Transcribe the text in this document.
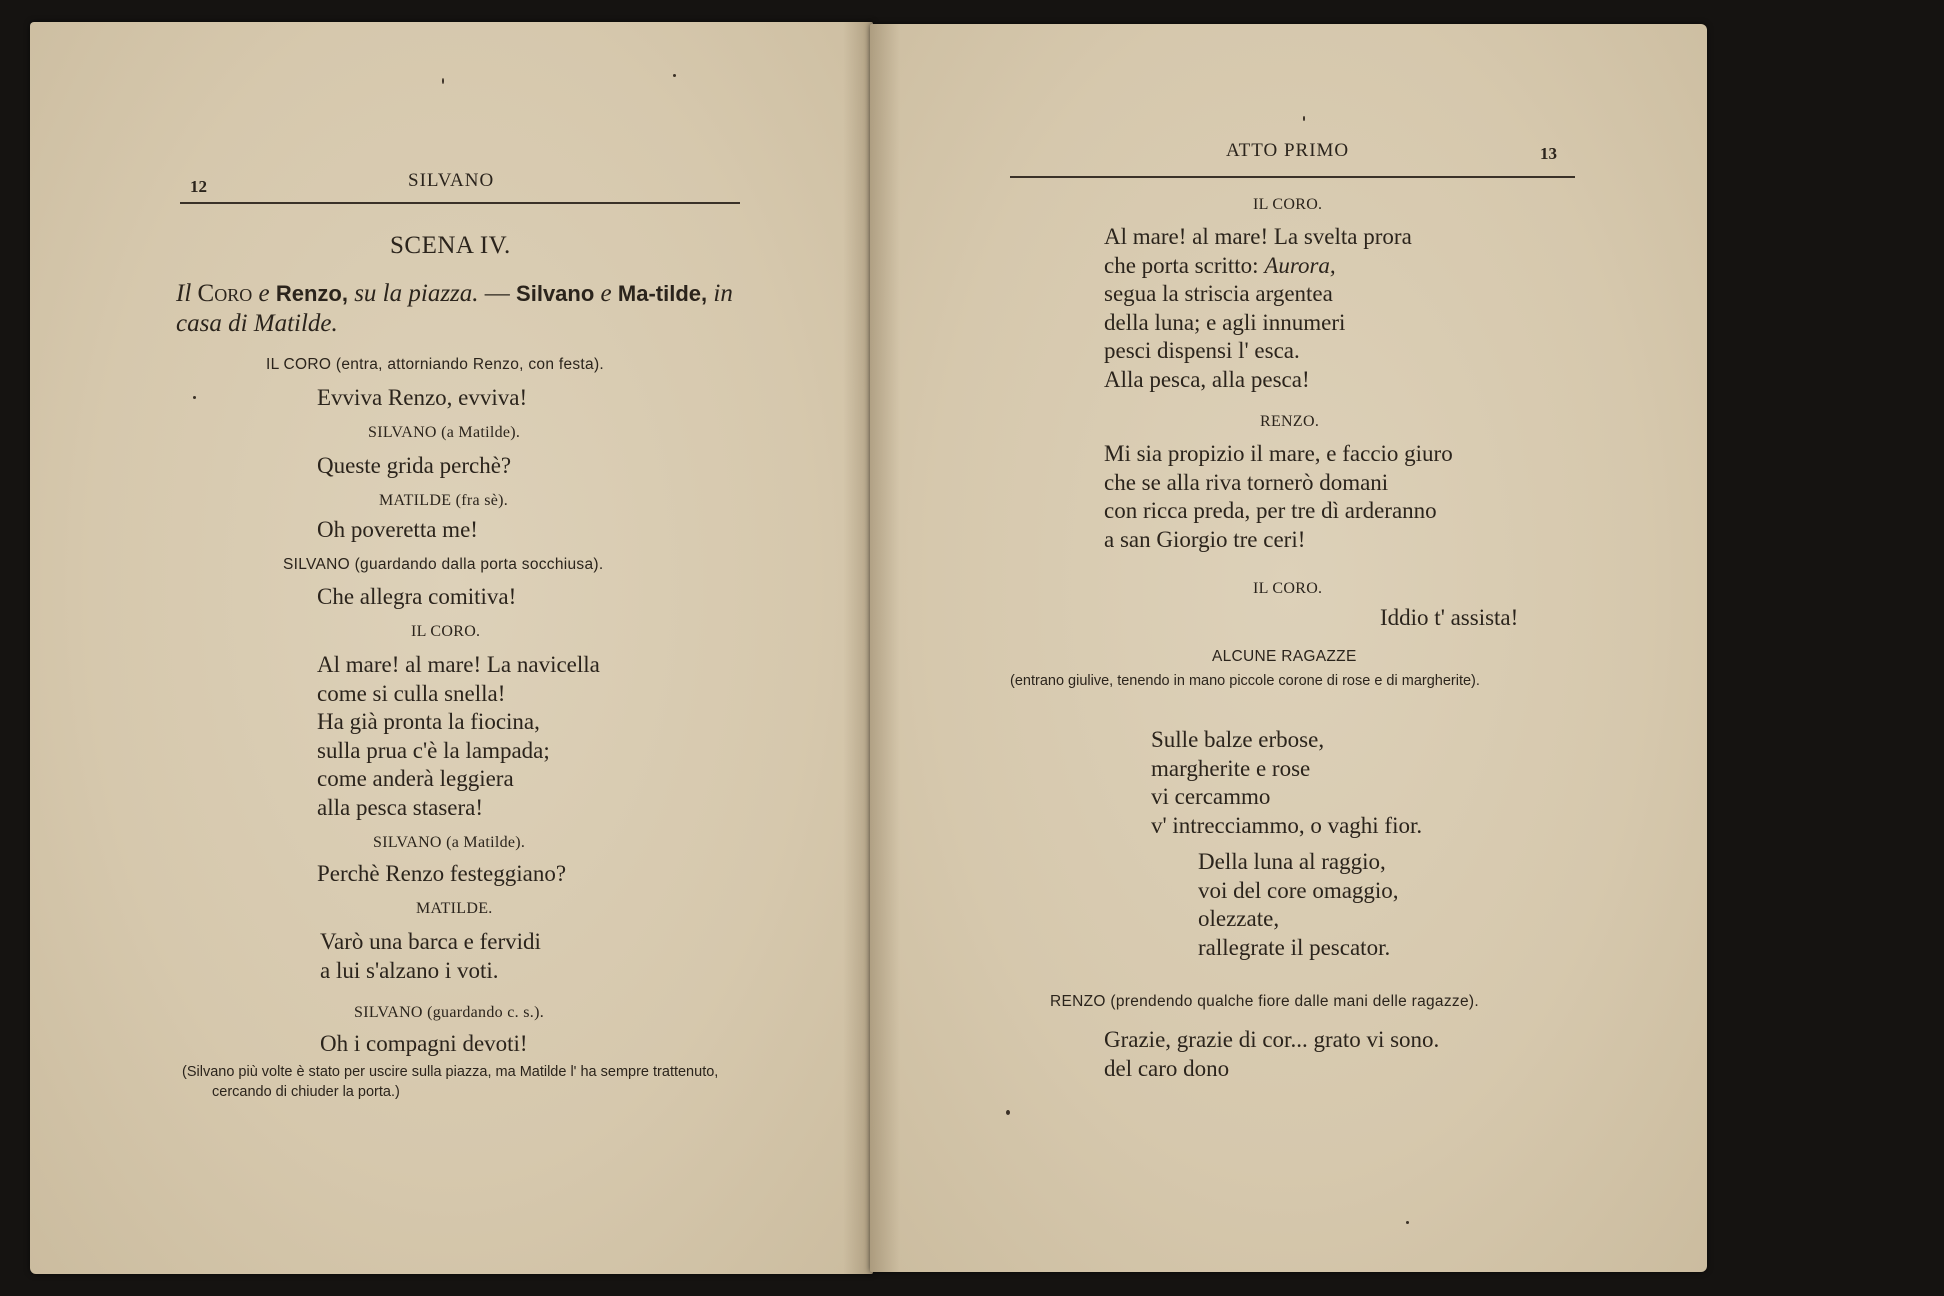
12	SILVANO
SCENA IV.
Il Coro e Renzo, su la piazza. — Silvano e Ma-tilde, in casa di Matilde.
IL CORO (entra, attorniando Renzo, con festa).
Evviva Renzo, evviva!
SILVANO (a Matilde).
Queste grida perchè?
MATILDE (fra sè).
Oh poveretta me!
SILVANO (guardando dalla porta socchiusa).
Che allegra comitiva!
IL CORO.
Al mare! al mare! La navicella
come si culla snella!
Ha già pronta la fiocina,
sulla prua c'è la lampada;
come anderà leggiera
alla pesca stasera!
SILVANO (a Matilde).
Perchè Renzo festeggiano?
MATILDE.
Varò una barca e fervidi
a lui s'alzano i voti.
SILVANO (guardando c. s.).
Oh i compagni devoti!
(Silvano più volte è stato per uscire sulla piazza, ma Matilde l' ha sempre trattenuto, cercando di chiuder la porta.)
ATTO PRIMO	13
IL CORO.
Al mare! al mare! La svelta prora
che porta scritto: Aurora,
segua la striscia argentea
della luna; e agli innumeri
pesci dispensi l' esca.
Alla pesca, alla pesca!
RENZO.
Mi sia propizio il mare, e faccio giuro
che se alla riva tornerò domani
con ricca preda, per tre dì arderanno
a san Giorgio tre ceri!
IL CORO.
Iddio t' assista!
ALCUNE RAGAZZE
(entrano giulive, tenendo in mano piccole corone di rose e di margherite).
Sulle balze erbose,
margherite e rose
vi cercammo
v' intrecciammo, o vaghi fior.
Della luna al raggio,
voi del core omaggio,
olezzate,
rallegrate il pescator.
RENZO (prendendo qualche fiore dalle mani delle ragazze).
Grazie, grazie di cor... grato vi sono.
del caro dono
